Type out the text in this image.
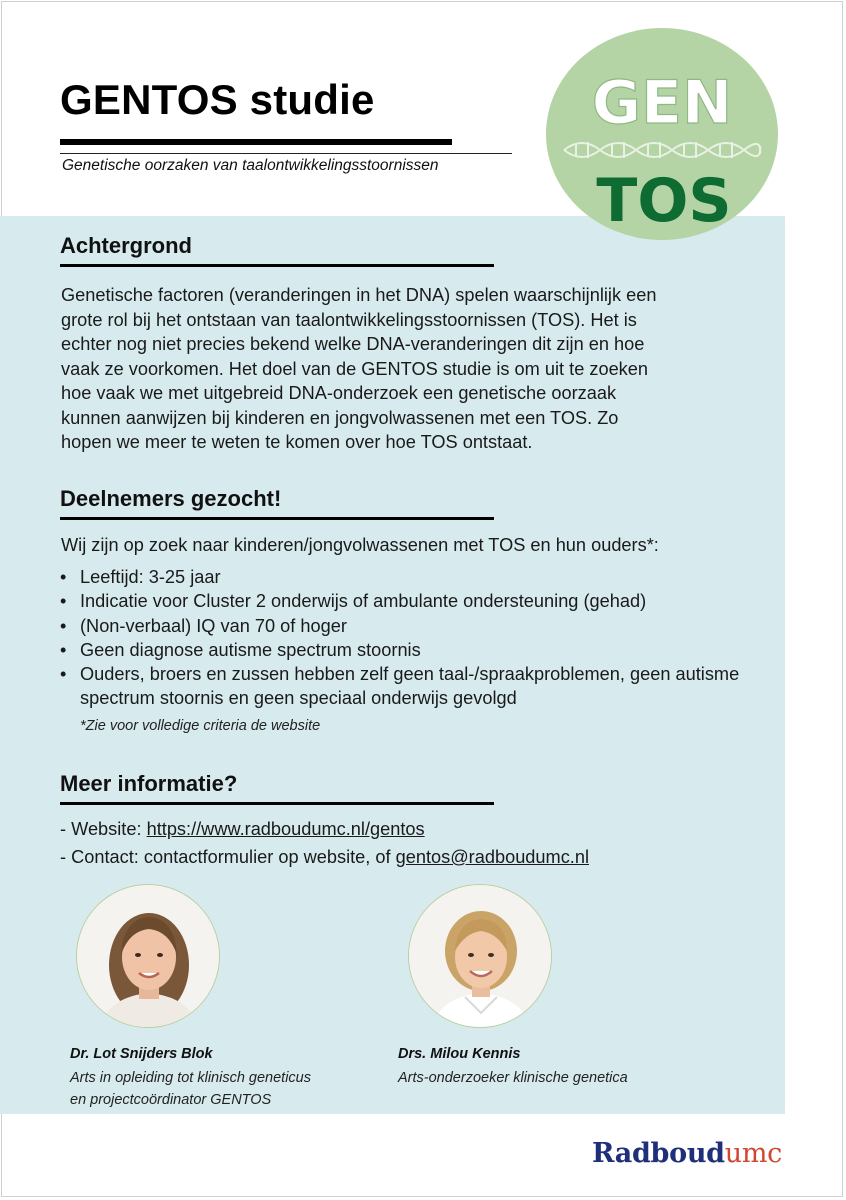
GENTOS studie
Genetische oorzaken van taalontwikkelingsstoornissen
GEN
TOS
Achtergrond

Genetische factoren (veranderingen in het DNA) spelen waarschijnlijk een
grote rol bij het ontstaan van taalontwikkelingsstoornissen (TOS). Het is
echter nog niet precies bekend welke DNA-veranderingen dit zijn en hoe
vaak ze voorkomen. Het doel van de GENTOS studie is om uit te zoeken
hoe vaak we met uitgebreid DNA-onderzoek een genetische oorzaak
kunnen aanwijzen bij kinderen en jongvolwassenen met een TOS. Zo
hopen we meer te weten te komen over hoe TOS ontstaat.

Deelnemers gezocht!

Wij zijn op zoek naar kinderen/jongvolwassenen met TOS en hun ouders*:

• Leeftijd: 3-25 jaar
• Indicatie voor Cluster 2 onderwijs of ambulante ondersteuning (gehad)
• (Non-verbaal) IQ van 70 of hoger
• Geen diagnose autisme spectrum stoornis
• Ouders, broers en zussen hebben zelf geen taal-/spraakproblemen, geen autisme spectrum stoornis en geen speciaal onderwijs gevolgd
*Zie voor volledige criteria de website
Meer informatie?
- Website: https://www.radboudumc.nl/gentos
- Contact: contactformulier op website, of gentos@radboudumc.nl
Dr. Lot Snijders Blok
Arts in opleiding tot klinisch geneticus
en projectcoördinator GENTOS
Drs. Milou Kennis
Arts-onderzoeker klinische genetica
Radboudumc
